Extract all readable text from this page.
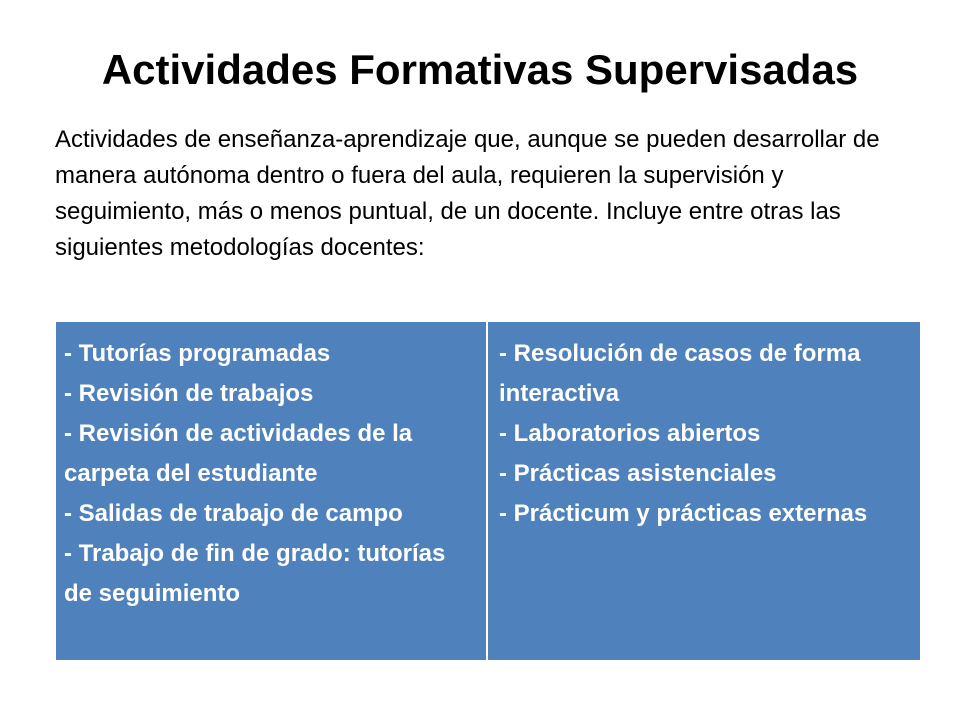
Actividades Formativas Supervisadas

Actividades de enseñanza-aprendizaje que, aunque se pueden desarrollar de manera autónoma dentro o fuera del aula, requieren la supervisión y seguimiento, más o menos puntual, de un docente. Incluye entre otras las siguientes metodologías docentes:

- Tutorías programadas
- Revisión de trabajos
- Revisión de actividades de la carpeta del estudiante
- Salidas de trabajo de campo
- Trabajo de fin de grado: tutorías de seguimiento
- Resolución de casos de forma interactiva
- Laboratorios abiertos
- Prácticas asistenciales
- Prácticum y prácticas externas
